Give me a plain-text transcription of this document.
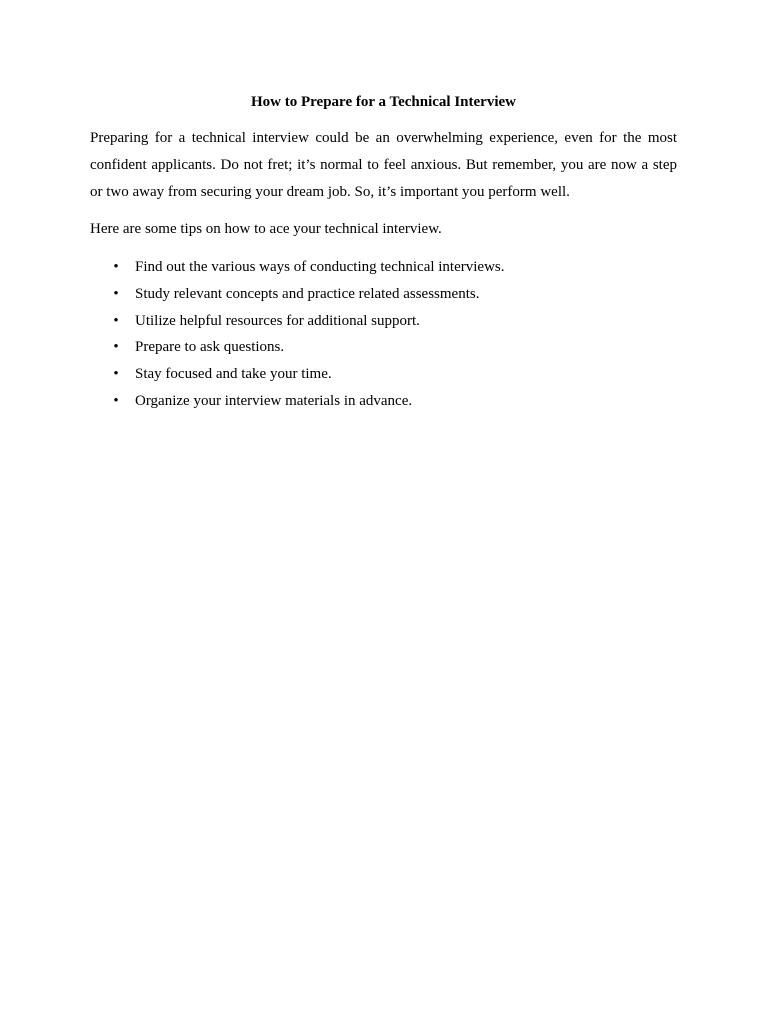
How to Prepare for a Technical Interview

Preparing for a technical interview could be an overwhelming experience, even for the most confident applicants. Do not fret; it’s normal to feel anxious. But remember, you are now a step or two away from securing your dream job. So, it’s important you perform well.

Here are some tips on how to ace your technical interview.

• Find out the various ways of conducting technical interviews.
• Study relevant concepts and practice related assessments.
• Utilize helpful resources for additional support.
• Prepare to ask questions.
• Stay focused and take your time.
• Organize your interview materials in advance.
